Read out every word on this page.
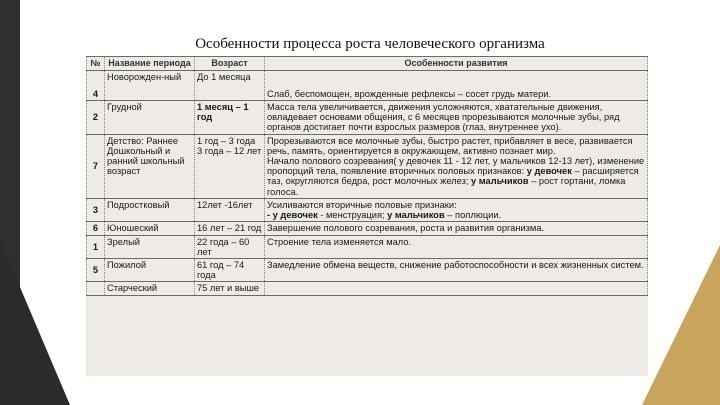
Особенности процесса роста человеческого организма
№	Название периода	Возраст	Особенности развития
4	Новорожден-ный	До 1 месяца	Слаб, беспомощен, врожденные рефлексы – сосет грудь матери.
2	Грудной	1 месяц – 1 год	Масса тела увеличивается, движения усложняются, хватательные движения, овладевает основами общения, с 6 месяцев прорезываются молочные зубы, ряд органов достигает почти взрослых размеров (глаз, внутреннее ухо).
7	Детство: Раннее Дошкольный и ранний школьный возраст	1 год – 3 года 3 года – 12 лет	Прорезываются все молочные зубы, быстро растет, прибавляет в весе, развивается речь, память, ориентируется в окружающем, активно познает мир.
Начало полового созревания( у девочек 11 - 12 лет, у мальчиков 12-13 лет), изменение пропорций тела, появление вторичных половых признаков: у девочек – расширяется таз, округляются бедра, рост молочных желез; у мальчиков – рост гортани, ломка голоса.
3	Подростковый	12лет -16лет	Усиливаются вторичные половые признаки:
- у девочек - менструация; у мальчиков – поллюции.
6	Юношеский	16 лет – 21 год	Завершение полового созревания, роста и развития организма.
1	Зрелый	22 года – 60 лет	Строение тела изменяется мало.
5	Пожилой	61 год – 74 года	Замедление обмена веществ, снижение работоспособности и всех жизненных систем.
	Старческий	75 лет и выше	
